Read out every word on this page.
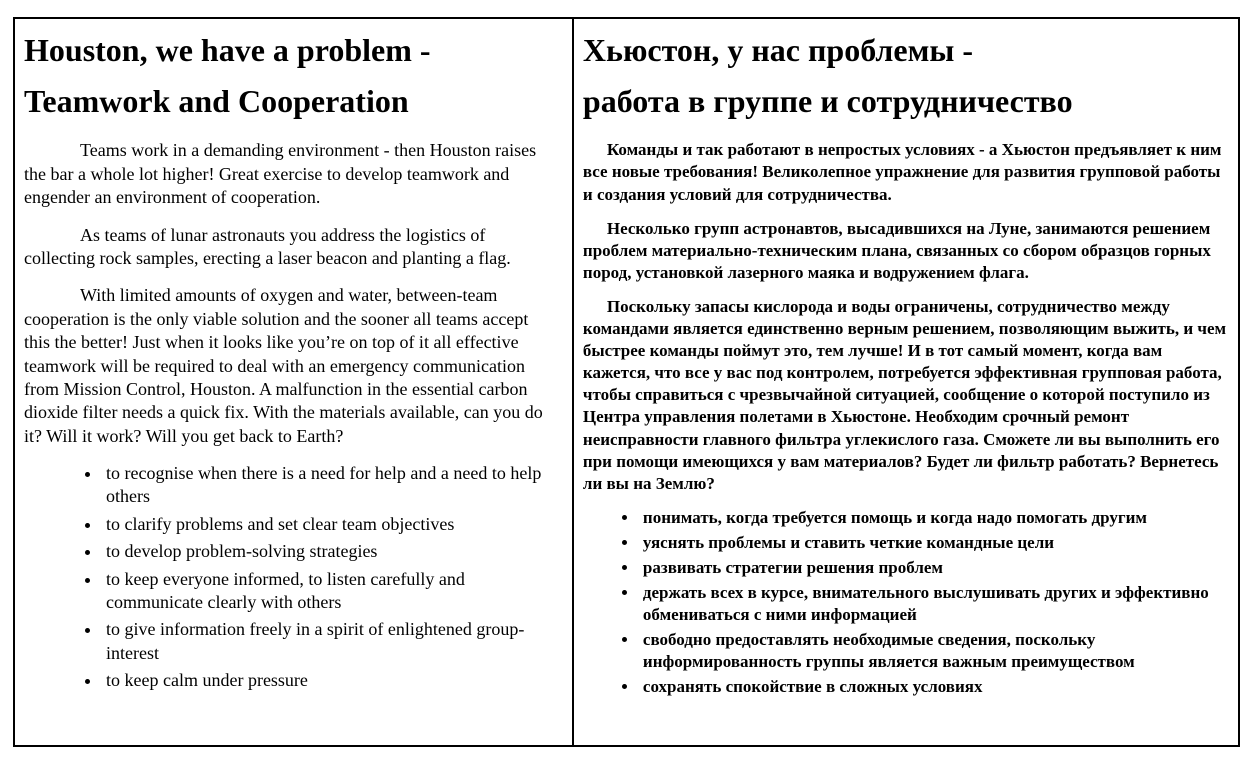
Houston, we have a problem -
Teamwork and Cooperation

Teams work in a demanding environment - then Houston raises the bar a whole lot higher! Great exercise to develop teamwork and engender an environment of cooperation.

As teams of lunar astronauts you address the logistics of collecting rock samples, erecting a laser beacon and planting a flag.

With limited amounts of oxygen and water, between-team cooperation is the only viable solution and the sooner all teams accept this the better! Just when it looks like you’re on top of it all effective teamwork will be required to deal with an emergency communication from Mission Control, Houston. A malfunction in the essential carbon dioxide filter needs a quick fix. With the materials available, can you do it? Will it work? Will you get back to Earth?

• to recognise when there is a need for help and a need to help others
• to clarify problems and set clear team objectives
• to develop problem-solving strategies
• to keep everyone informed, to listen carefully and communicate clearly with others
• to give information freely in a spirit of enlightened group-interest
• to keep calm under pressure
Хьюстон, у нас проблемы -
работа в группе и сотрудничество

Команды и так работают в непростых условиях - а Хьюстон предъявляет к ним все новые требования! Великолепное упражнение для развития групповой работы и создания условий для сотрудничества.

Несколько групп астронавтов, высадившихся на Луне, занимаются решением проблем материально-техническим плана, связанных со сбором образцов горных пород, установкой лазерного маяка и водружением флага.

Поскольку запасы кислорода и воды ограничены, сотрудничество между командами является единственно верным решением, позволяющим выжить, и чем быстрее команды поймут это, тем лучше! И в тот самый момент, когда вам кажется, что все у вас под контролем, потребуется эффективная групповая работа, чтобы справиться с чрезвычайной ситуацией, сообщение о которой поступило из Центра управления полетами в Хьюстоне. Необходим срочный ремонт неисправности главного фильтра углекислого газа. Сможете ли вы выполнить его при помощи имеющихся у вам материалов? Будет ли фильтр работать? Вернетесь ли вы на Землю?

• понимать, когда требуется помощь и когда надо помогать другим
• уяснять проблемы и ставить четкие командные цели
• развивать стратегии решения проблем
• держать всех в курсе, внимательного выслушивать других и эффективно обмениваться с ними информацией
• свободно предоставлять необходимые сведения, поскольку информированность группы является важным преимуществом
• сохранять спокойствие в сложных условиях
